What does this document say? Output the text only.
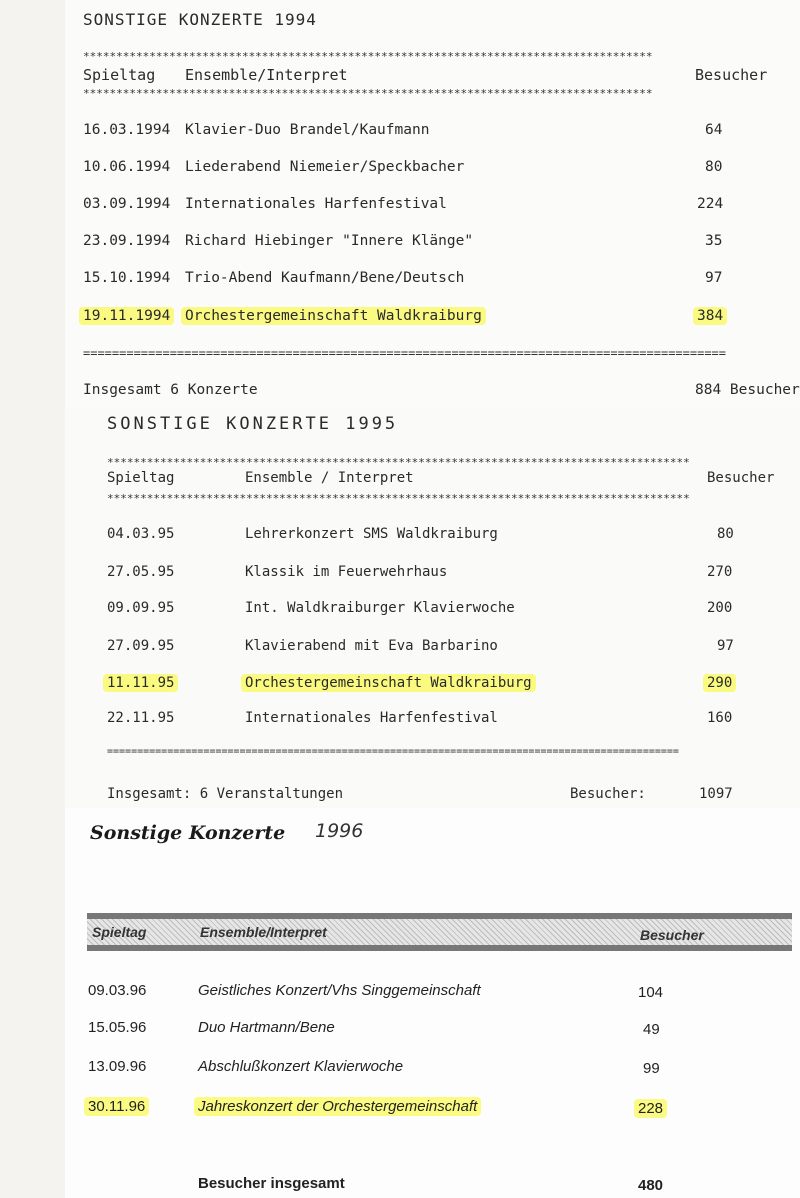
SONSTIGE KONZERTE 1994
**************************************************************************************
Spieltag Ensemble/Interpret	Besucher
**************************************************************************************
16.03.1994 Klavier-Duo Brandel/Kaufmann	64
10.06.1994 Liederabend Niemeier/Speckbacher	80
03.09.1994 Internationales Harfenfestival	224
23.09.1994 Richard Hiebinger "Innere Klänge"	35
15.10.1994 Trio-Abend Kaufmann/Bene/Deutsch	97
19.11.1994 Orchestergemeinschaft Waldkraiburg	384
=========================================================================================
Insgesamt 6 Konzerte	884 Besucher
SONSTIGE KONZERTE 1995
****************************************************************************************
Spieltag	Ensemble / Interpret	Besucher
****************************************************************************************
04.03.95	Lehrerkonzert SMS Waldkraiburg	80
27.05.95	Klassik im Feuerwehrhaus	270
09.09.95	Int. Waldkraiburger Klavierwoche	200
27.09.95	Klavierabend mit Eva Barbarino	97
11.11.95	Orchestergemeinschaft Waldkraiburg	290
22.11.95	Internationales Harfenfestival	160
===============================================================================================
Insgesamt: 6 Veranstaltungen	Besucher:	1097
Sonstige Konzerte 1996
Spieltag	Ensemble/Interpret	Besucher
09.03.96	Geistliches Konzert/Vhs Singgemeinschaft	104
15.05.96	Duo Hartmann/Bene	49
13.09.96	Abschlußkonzert Klavierwoche	99
30.11.96	Jahreskonzert der Orchestergemeinschaft	228
Besucher insgesamt	480
